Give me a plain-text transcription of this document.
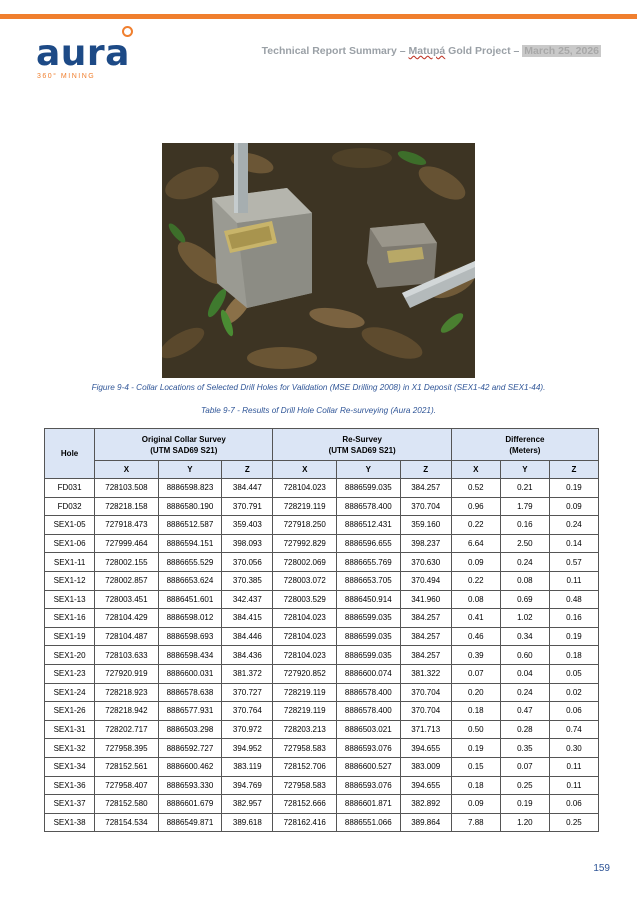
aura
360° MINING
Technical Report Summary – Matupá Gold Project – March 25, 2026

Figure 9-4 - Collar Locations of Selected Drill Holes for Validation (MSE Drilling 2008) in X1 Deposit (SEX1-42 and SEX1-44).

Table 9-7 - Results of Drill Hole Collar Re-surveying (Aura 2021).

Hole	Original Collar Survey
(UTM SAD69 S21)			Re-Survey
(UTM SAD69 S21)			Difference
(Meters)		
	X	Y	Z	X	Y	Z	X	Y	Z
FD031	728103.508	8886598.823	384.447	728104.023	8886599.035	384.257	0.52	0.21	0.19
FD032	728218.158	8886580.190	370.791	728219.119	8886578.400	370.704	0.96	1.79	0.09
SEX1-05	727918.473	8886512.587	359.403	727918.250	8886512.431	359.160	0.22	0.16	0.24
SEX1-06	727999.464	8886594.151	398.093	727992.829	8886596.655	398.237	6.64	2.50	0.14
SEX1-11	728002.155	8886655.529	370.056	728002.069	8886655.769	370.630	0.09	0.24	0.57
SEX1-12	728002.857	8886653.624	370.385	728003.072	8886653.705	370.494	0.22	0.08	0.11
SEX1-13	728003.451	8886451.601	342.437	728003.529	8886450.914	341.960	0.08	0.69	0.48
SEX1-16	728104.429	8886598.012	384.415	728104.023	8886599.035	384.257	0.41	1.02	0.16
SEX1-19	728104.487	8886598.693	384.446	728104.023	8886599.035	384.257	0.46	0.34	0.19
SEX1-20	728103.633	8886598.434	384.436	728104.023	8886599.035	384.257	0.39	0.60	0.18
SEX1-23	727920.919	8886600.031	381.372	727920.852	8886600.074	381.322	0.07	0.04	0.05
SEX1-24	728218.923	8886578.638	370.727	728219.119	8886578.400	370.704	0.20	0.24	0.02
SEX1-26	728218.942	8886577.931	370.764	728219.119	8886578.400	370.704	0.18	0.47	0.06
SEX1-31	728202.717	8886503.298	370.972	728203.213	8886503.021	371.713	0.50	0.28	0.74
SEX1-32	727958.395	8886592.727	394.952	727958.583	8886593.076	394.655	0.19	0.35	0.30
SEX1-34	728152.561	8886600.462	383.119	728152.706	8886600.527	383.009	0.15	0.07	0.11
SEX1-36	727958.407	8886593.330	394.769	727958.583	8886593.076	394.655	0.18	0.25	0.11
SEX1-37	728152.580	8886601.679	382.957	728152.666	8886601.871	382.892	0.09	0.19	0.06
SEX1-38	728154.534	8886549.871	389.618	728162.416	8886551.066	389.864	7.88	1.20	0.25
159
